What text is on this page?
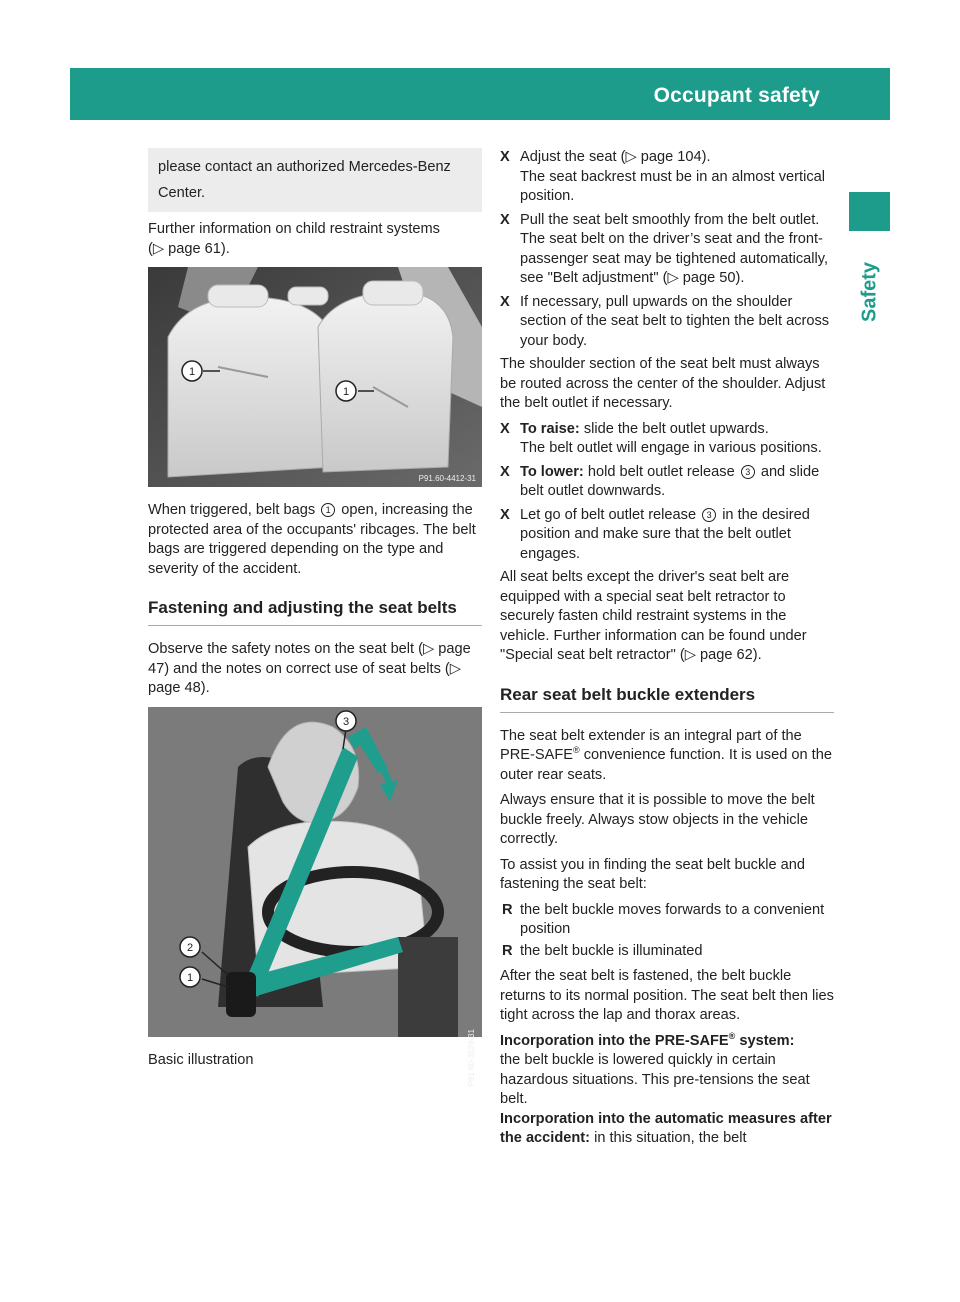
Occupant safety	49
Safety
please contact an authorized Mercedes-Benz Center.

Further information on child restraint systems
(▷ page 61).

1
1
P91.60-4412-31

When triggered, belt bags 1 open, increasing the protected area of the occupants' ribcages. The belt bags are triggered depending on the type and severity of the accident.

Fastening and adjusting the seat belts

Observe the safety notes on the seat belt (▷ page 47) and the notes on correct use of seat belts (▷ page 48).

2
1
3
P91.60-3529-31

Basic illustration

X Adjust the seat (▷ page 104).
The seat backrest must be in an almost vertical position.
X Pull the seat belt smoothly from the belt outlet.
The seat belt on the driver’s seat and the front-passenger seat may be tightened automatically, see "Belt adjustment" (▷ page 50).
X If necessary, pull upwards on the shoulder section of the seat belt to tighten the belt across your body.

The shoulder section of the seat belt must always be routed across the center of the shoulder. Adjust the belt outlet if necessary.

X To raise: slide the belt outlet upwards.
The belt outlet will engage in various positions.
X To lower: hold belt outlet release 3 and slide belt outlet downwards.
X Let go of belt outlet release 3 in the desired position and make sure that the belt outlet engages.

All seat belts except the driver's seat belt are equipped with a special seat belt retractor to securely fasten child restraint systems in the vehicle. Further information can be found under "Special seat belt retractor" (▷ page 62).

Rear seat belt buckle extenders

The seat belt extender is an integral part of the PRE-SAFE® convenience function. It is used on the outer rear seats.

Always ensure that it is possible to move the belt buckle freely. Always stow objects in the vehicle correctly.

To assist you in finding the seat belt buckle and fastening the seat belt:

R the belt buckle moves forwards to a convenient position
R the belt buckle is illuminated

After the seat belt is fastened, the belt buckle returns to its normal position. The seat belt then lies tight across the lap and thorax areas.

Incorporation into the PRE-SAFE® system:
the belt buckle is lowered quickly in certain hazardous situations. This pre-tensions the seat belt.

Incorporation into the automatic measures after the accident: in this situation, the belt
